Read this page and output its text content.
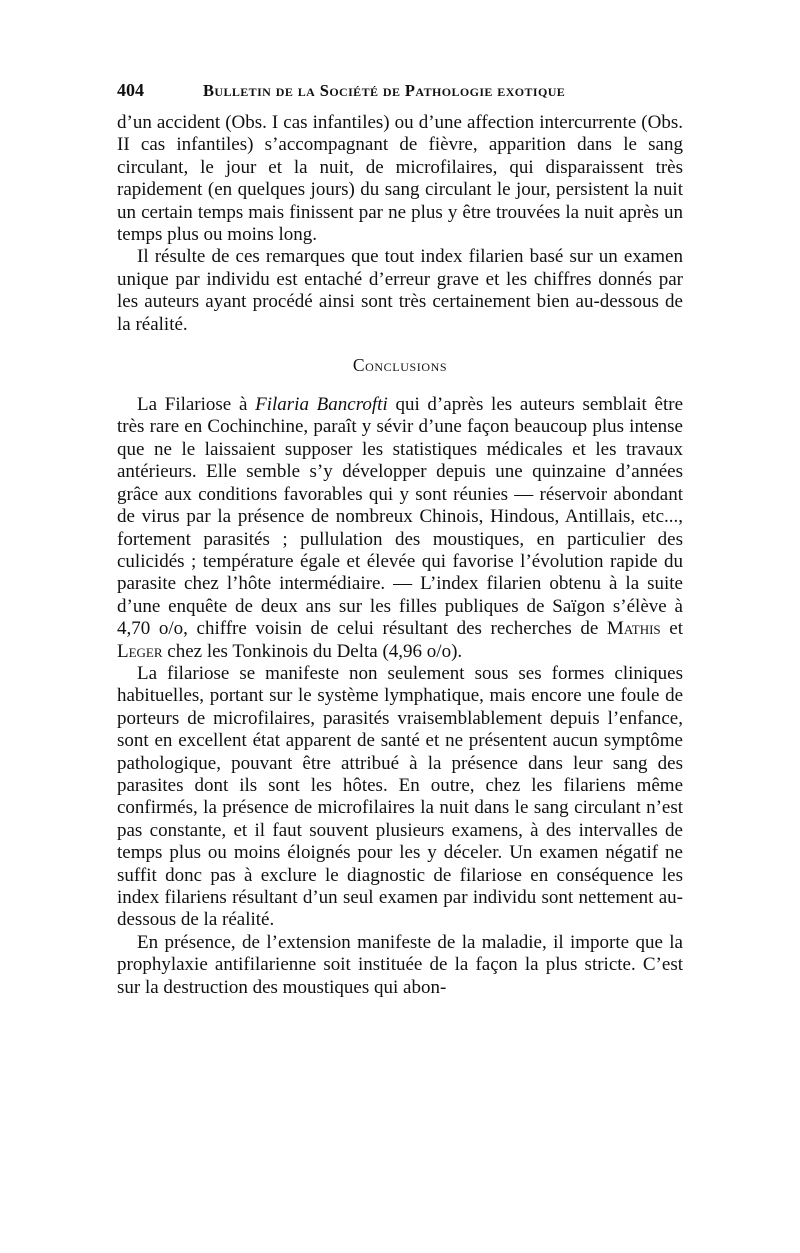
404	Bulletin de la Société de Pathologie exotique

d’un accident (Obs. I cas infantiles) ou d’une affection intercurrente (Obs. II cas infantiles) s’accompagnant de fièvre, apparition dans le sang circulant, le jour et la nuit, de microfilaires, qui disparaissent très rapidement (en quelques jours) du sang circulant le jour, persistent la nuit un certain temps mais finissent par ne plus y être trouvées la nuit après un temps plus ou moins long.

Il résulte de ces remarques que tout index filarien basé sur un examen unique par individu est entaché d’erreur grave et les chiffres donnés par les auteurs ayant procédé ainsi sont très certainement bien au-dessous de la réalité.

Conclusions

La Filariose à Filaria Bancrofti qui d’après les auteurs semblait être très rare en Cochinchine, paraît y sévir d’une façon beaucoup plus intense que ne le laissaient supposer les statistiques médicales et les travaux antérieurs. Elle semble s’y développer depuis une quinzaine d’années grâce aux conditions favorables qui y sont réunies — réservoir abondant de virus par la présence de nombreux Chinois, Hindous, Antillais, etc..., fortement parasités ; pullulation des moustiques, en particulier des culicidés ; température égale et élevée qui favorise l’évolution rapide du parasite chez l’hôte intermédiaire. — L’index filarien obtenu à la suite d’une enquête de deux ans sur les filles publiques de Saïgon s’élève à 4,70 o/o, chiffre voisin de celui résultant des recherches de Mathis et Leger chez les Tonkinois du Delta (4,96 o/o).

La filariose se manifeste non seulement sous ses formes cliniques habituelles, portant sur le système lymphatique, mais encore une foule de porteurs de microfilaires, parasités vraisemblablement depuis l’enfance, sont en excellent état apparent de santé et ne présentent aucun symptôme pathologique, pouvant être attribué à la présence dans leur sang des parasites dont ils sont les hôtes. En outre, chez les filariens même confirmés, la présence de microfilaires la nuit dans le sang circulant n’est pas constante, et il faut souvent plusieurs examens, à des intervalles de temps plus ou moins éloignés pour les y déceler. Un examen négatif ne suffit donc pas à exclure le diagnostic de filariose en conséquence les index filariens résultant d’un seul examen par individu sont nettement au-dessous de la réalité.

En présence, de l’extension manifeste de la maladie, il importe que la prophylaxie antifilarienne soit instituée de la façon la plus stricte. C’est sur la destruction des moustiques qui abon-
